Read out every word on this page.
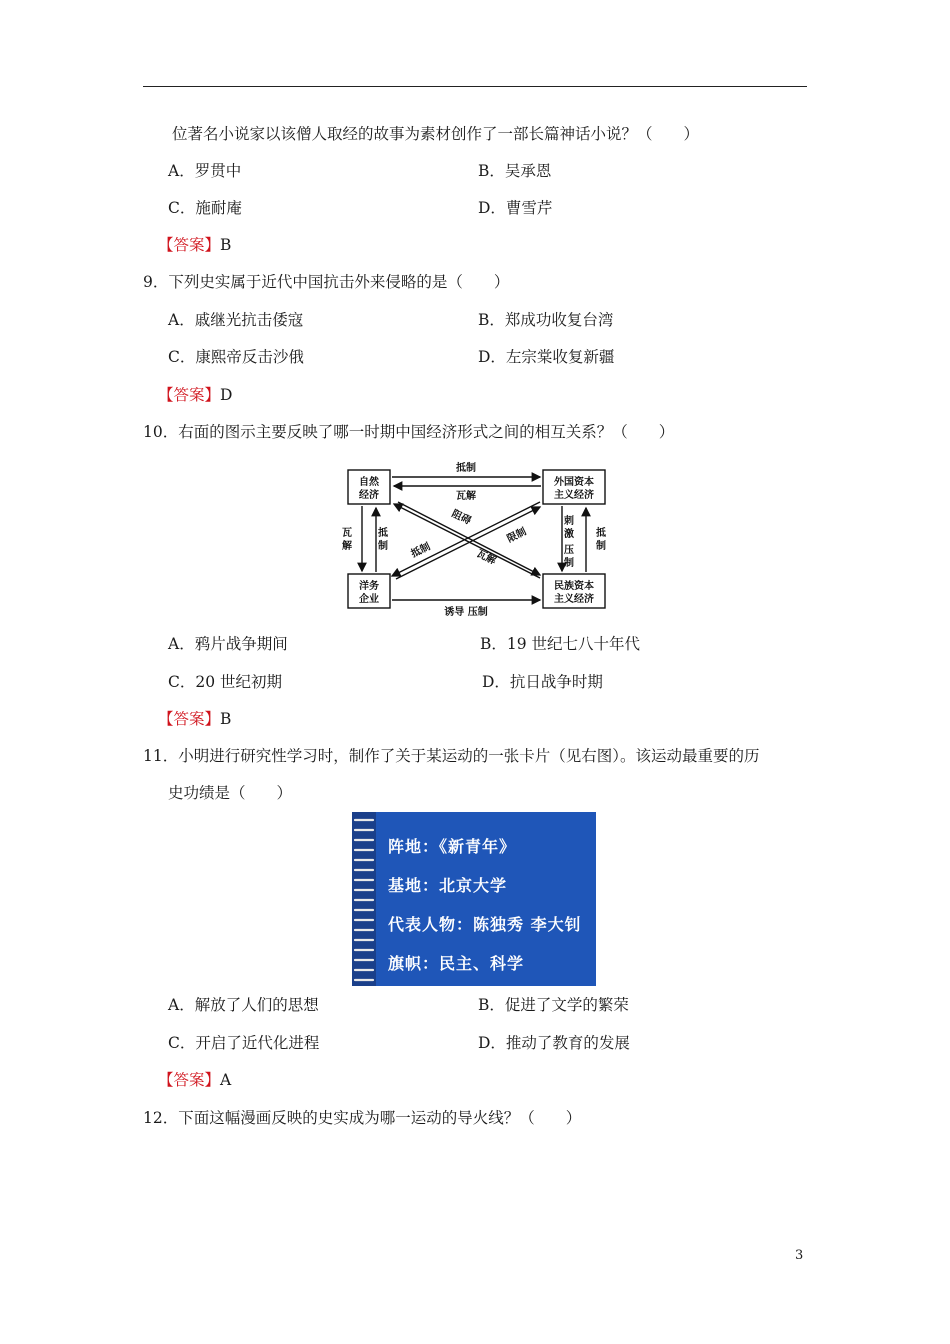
位著名小说家以该僧人取经的故事为素材创作了一部长篇神话小说？（　　）
A．罗贯中	B．吴承恩
C．施耐庵	D．曹雪芹
【答案】B
9．下列史实属于近代中国抗击外来侵略的是（　　）
A．戚继光抗击倭寇	B．郑成功收复台湾
C．康熙帝反击沙俄	D．左宗棠收复新疆
【答案】D
10．右面的图示主要反映了哪一时期中国经济形式之间的相互关系？（　　）
自然
经济
外国资本
主义经济
洋务
企业
民族资本
主义经济
抵制
瓦解
瓦
解
抵
制
刺
激
压
制
抵
制
诱导 压制
阻碍
限制
抵制	瓦解
A．鸦片战争期间	B．19 世纪七八十年代
C．20 世纪初期	D．抗日战争时期
【答案】B
11．小明进行研究性学习时，制作了关于某运动的一张卡片（见右图）。该运动最重要的历
史功绩是（　　）
阵地：《新青年》
基地：北京大学
代表人物：陈独秀 李大钊
旗帜：民主、科学
A．解放了人们的思想	B．促进了文学的繁荣
C．开启了近代化进程	D．推动了教育的发展
【答案】A
12．下面这幅漫画反映的史实成为哪一运动的导火线？（　　）
3
